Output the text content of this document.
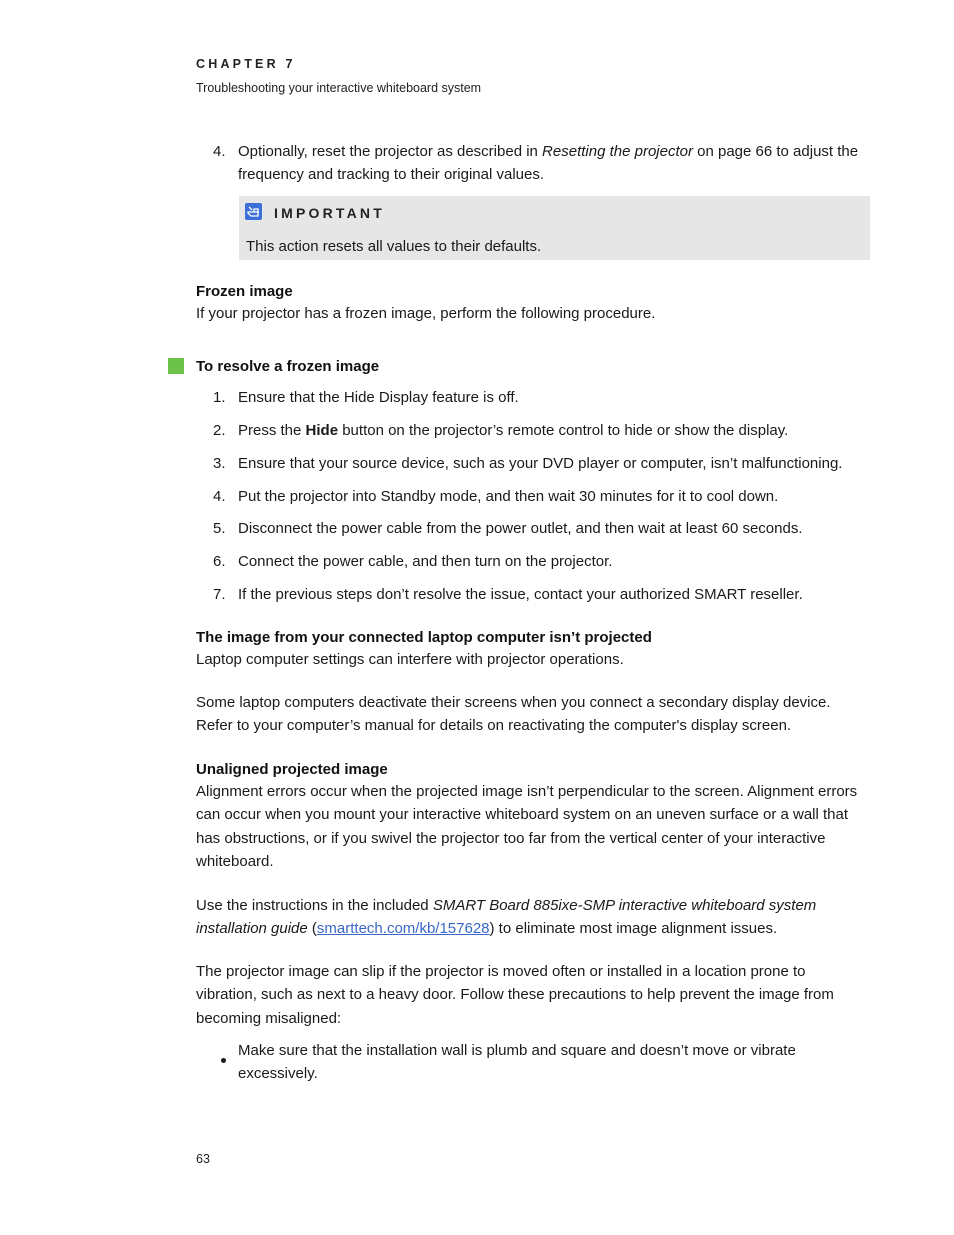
CHAPTER 7
Troubleshooting your interactive whiteboard system
4. Optionally, reset the projector as described in Resetting the projector on page 66 to adjust the frequency and tracking to their original values.
IMPORTANT
This action resets all values to their defaults.
Frozen image
If your projector has a frozen image, perform the following procedure.
To resolve a frozen image
1. Ensure that the Hide Display feature is off.
2. Press the Hide button on the projector’s remote control to hide or show the display.
3. Ensure that your source device, such as your DVD player or computer, isn’t malfunctioning.
4. Put the projector into Standby mode, and then wait 30 minutes for it to cool down.
5. Disconnect the power cable from the power outlet, and then wait at least 60 seconds.
6. Connect the power cable, and then turn on the projector.
7. If the previous steps don’t resolve the issue, contact your authorized SMART reseller.
The image from your connected laptop computer isn’t projected
Laptop computer settings can interfere with projector operations.
Some laptop computers deactivate their screens when you connect a secondary display device. Refer to your computer’s manual for details on reactivating the computer's display screen.
Unaligned projected image
Alignment errors occur when the projected image isn’t perpendicular to the screen. Alignment errors can occur when you mount your interactive whiteboard system on an uneven surface or a wall that has obstructions, or if you swivel the projector too far from the vertical center of your interactive whiteboard.
Use the instructions in the included SMART Board 885ixe-SMP interactive whiteboard system installation guide (smarttech.com/kb/157628) to eliminate most image alignment issues.
The projector image can slip if the projector is moved often or installed in a location prone to vibration, such as next to a heavy door. Follow these precautions to help prevent the image from becoming misaligned:
Make sure that the installation wall is plumb and square and doesn’t move or vibrate excessively.
63
